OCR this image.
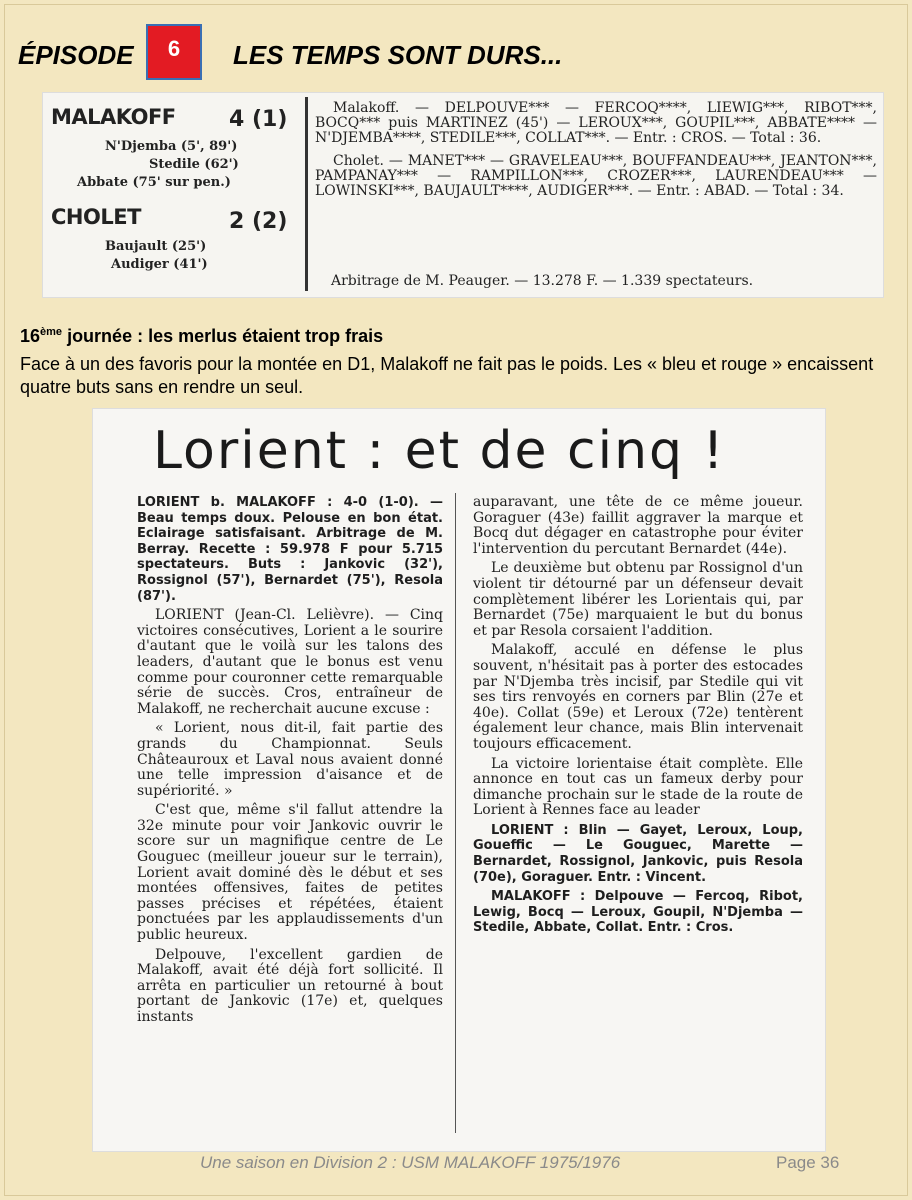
ÉPISODE	6	LES TEMPS SONT DURS...
MALAKOFF 4 (1)
N'Djemba (5', 89')
Stedile (62')
Abbate (75' sur pen.)
CHOLET	2 (2)
Baujault (25')
Audiger (41')

Malakoff. — DELPOUVE*** — FERCOQ****, LIEWIG***, RIBOT***, BOCQ*** puis MARTINEZ (45') — LEROUX***, GOUPIL***, ABBATE**** — N'DJEMBA****, STEDILE***, COLLAT***. — Entr. : CROS. — Total : 36.

Cholet. — MANET*** — GRAVELEAU***, BOUFFANDEAU***, JEANTON***, PAMPANAY*** — RAMPILLON***, CROZER***, LAURENDEAU*** — LOWINSKI***, BAUJAULT****, AUDIGER***. — Entr. : ABAD. — Total : 34.

Arbitrage de M. Peauger. — 13.278 F. — 1.339 spectateurs.
16ème journée : les merlus étaient trop frais
Face à un des favoris pour la montée en D1, Malakoff ne fait pas le poids. Les « bleu et rouge » encaissent quatre buts sans en rendre un seul.
Lorient : et de cinq !

LORIENT b. MALAKOFF : 4-0 (1-0). — Beau temps doux. Pelouse en bon état. Eclairage satisfaisant. Arbitrage de M. Berray. Recette : 59.978 F pour 5.715 spectateurs. Buts : Jankovic (32'), Rossignol (57'), Bernardet (75'), Resola (87').

LORIENT (Jean-Cl. Lelièvre). — Cinq victoires consécutives, Lorient a le sourire d'autant que le voilà sur les talons des leaders, d'autant que le bonus est venu comme pour couronner cette remarquable série de succès. Cros, entraîneur de Malakoff, ne recherchait aucune excuse :

« Lorient, nous dit-il, fait partie des grands du Championnat. Seuls Châteauroux et Laval nous avaient donné une telle impression d'aisance et de supériorité. »

C'est que, même s'il fallut attendre la 32e minute pour voir Jankovic ouvrir le score sur un magnifique centre de Le Gouguec (meilleur joueur sur le terrain), Lorient avait dominé dès le début et ses montées offensives, faites de petites passes précises et répétées, étaient ponctuées par les applaudissements d'un public heureux.

Delpouve, l'excellent gardien de Malakoff, avait été déjà fort sollicité. Il arrêta en particulier un retourné à bout portant de Jankovic (17e) et, quelques instants

auparavant, une tête de ce même joueur. Goraguer (43e) faillit aggraver la marque et Bocq dut dégager en catastrophe pour éviter l'intervention du percutant Bernardet (44e).

Le deuxième but obtenu par Rossignol d'un violent tir détourné par un défenseur devait complètement libérer les Lorientais qui, par Bernardet (75e) marquaient le but du bonus et par Resola corsaient l'addition.

Malakoff, acculé en défense le plus souvent, n'hésitait pas à porter des estocades par N'Djemba très incisif, par Stedile qui vit ses tirs renvoyés en corners par Blin (27e et 40e). Collat (59e) et Leroux (72e) tentèrent également leur chance, mais Blin intervenait toujours efficacement.

La victoire lorientaise était complète. Elle annonce en tout cas un fameux derby pour dimanche prochain sur le stade de la route de Lorient à Rennes face au leader

LORIENT : Blin — Gayet, Leroux, Loup, Goueffic — Le Gouguec, Marette — Bernardet, Rossignol, Jankovic, puis Resola (70e), Goraguer. Entr. : Vincent.

MALAKOFF : Delpouve — Fercoq, Ribot, Lewig, Bocq — Leroux, Goupil, N'Djemba — Stedile, Abbate, Collat. Entr. : Cros.

Une saison en Division 2 : USM MALAKOFF 1975/1976	Page 36
